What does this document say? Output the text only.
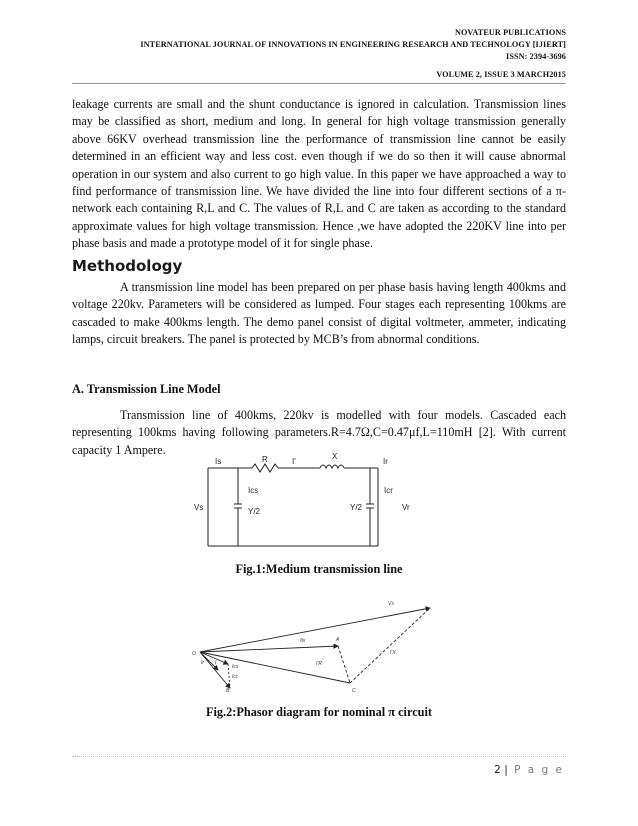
NOVATEUR PUBLICATIONS
INTERNATIONAL JOURNAL OF INNOVATIONS IN ENGINEERING RESEARCH AND TECHNOLOGY [IJIERT]
ISSN: 2394-3696
VOLUME 2, ISSUE 3 MARCH2015

leakage currents are small and the shunt conductance is ignored in calculation. Transmission lines may be classified as short, medium and long. In general for high voltage transmission generally above 66KV overhead transmission line the performance of transmission line cannot be easily determined in an efficient way and less cost. even though if we do so then it will cause abnormal operation in our system and also current to go high value. In this paper we have approached a way to find performance of transmission line. We have divided the line into four different sections of a π-network each containing R,L and C. The values of R,L and C are taken as according to the standard approximate values for high voltage transmission. Hence ,we have adopted the 220KV line into per phase basis and made a prototype model of it for single phase.

Methodology

A transmission line model has been prepared on per phase basis having length 400kms and voltage 220kv. Parameters will be considered as lumped. Four stages each representing 100kms are cascaded to make 400kms length. The demo panel consist of digital voltmeter, ammeter, indicating lamps, circuit breakers. The panel is protected by MCB’s from abnormal conditions.

A. Transmission Line Model

Transmission line of 400kms, 220kv is modelled with four models. Cascaded each representing 100kms having following parameters.R=4.7Ω,C=0.47μf,L=110mH [2]. With current capacity 1 Ampere.

Is	R	I'
X
Ir
Ics	Icr
Vs	Vr
Y/2	Y/2

Fig.1:Medium transmission line

Vs
θs	A
I'X
I'R
O
Ir I
Ics
Icr
B	C

Fig.2:Phasor diagram for nominal π circuit

2 | P a g e
